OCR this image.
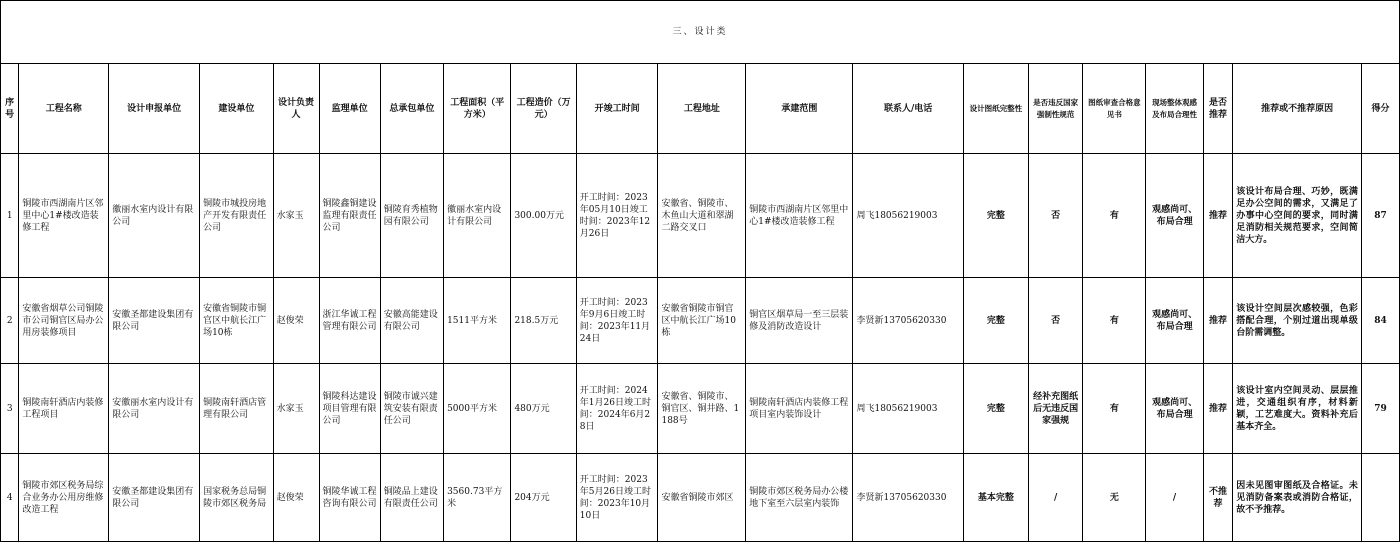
三、设计类																			
序号	工程名称	设计申报单位	建设单位	设计负责人	监理单位	总承包单位	工程面积（平方米）	工程造价（万元）	开竣工时间	工程地址	承建范围	联系人/电话	设计图纸完整性	是否违反国家强制性规范	图纸审查合格意见书	现场整体观感及布局合理性	是否推荐	推荐或不推荐原因	得分
1	铜陵市西湖南片区邻里中心1#楼改造装修工程	徽丽水室内设计有限公司	铜陵市城投房地产开发有限责任公司	水家玉	铜陵鑫铜建设监理有限责任公司	铜陵育秀植物园有限公司	徽丽水室内设计有限公司	300.00万元	开工时间：2023年05月10日竣工时间：2023年12月26日	安徽省、铜陵市、木鱼山大道和翠湖二路交叉口	铜陵市西湖南片区邻里中心1#楼改造装修工程	周飞18056219003	完整	否	有	观感尚可、布局合理	推荐	该设计布局合理、巧妙，既满足办公空间的需求，又满足了办事中心空间的要求，同时满足消防相关规范要求，空间简洁大方。	87
2	安徽省烟草公司铜陵市公司铜官区局办公用房装修项目	安徽圣都建设集团有限公司	安徽省铜陵市铜官区中航长江广场10栋	赵俊荣	浙江华诚工程管理有限公司	安徽高能建设有限公司	1511平方米	218.5万元	开工时间：2023年9月6日竣工时间：2023年11月24日	安徽省铜陵市铜官区中航长江广场10栋	铜官区烟草局一至三层装修及消防改造设计	李贤新13705620330	完整	否	有	观感尚可、布局合理	推荐	该设计空间层次感较强，色彩搭配合理，个别过道出现单级台阶需调整。	84
3	铜陵南轩酒店内装修工程项目	安徽丽水室内设计有限公司	铜陵南轩酒店管理有限公司	水家玉	铜陵科达建设项目管理有限公司	铜陵市诚兴建筑安装有限责任公司	5000平方米	480万元	开工时间：2024年1月26日竣工时间：2024年6月28日	安徽省、铜陵市、铜官区、铜井路、1188号	铜陵南轩酒店内装修工程项目室内装饰设计	周飞18056219003	完整	经补充图纸后无违反国家强规	有	观感尚可、布局合理	推荐	该设计室内空间灵动、层层推进，交通组织有序，材料新颖，工艺难度大。资料补充后基本齐全。	79
4	铜陵市郊区税务局综合业务办公用房维修改造工程	安徽圣都建设集团有限公司	国家税务总局铜陵市郊区税务局	赵俊荣	铜陵华诚工程咨询有限公司	铜陵品上建设有限责任公司	3560.73平方米	204万元	开工时间：2023年5月26日竣工时间：2023年10月10日	安徽省铜陵市郊区	铜陵市郊区税务局办公楼地下室至六层室内装饰	李贤新13705620330	基本完整	/	无	/	不推荐	因未见图审图纸及合格证。未见消防备案表或消防合格证，故不予推荐。	
